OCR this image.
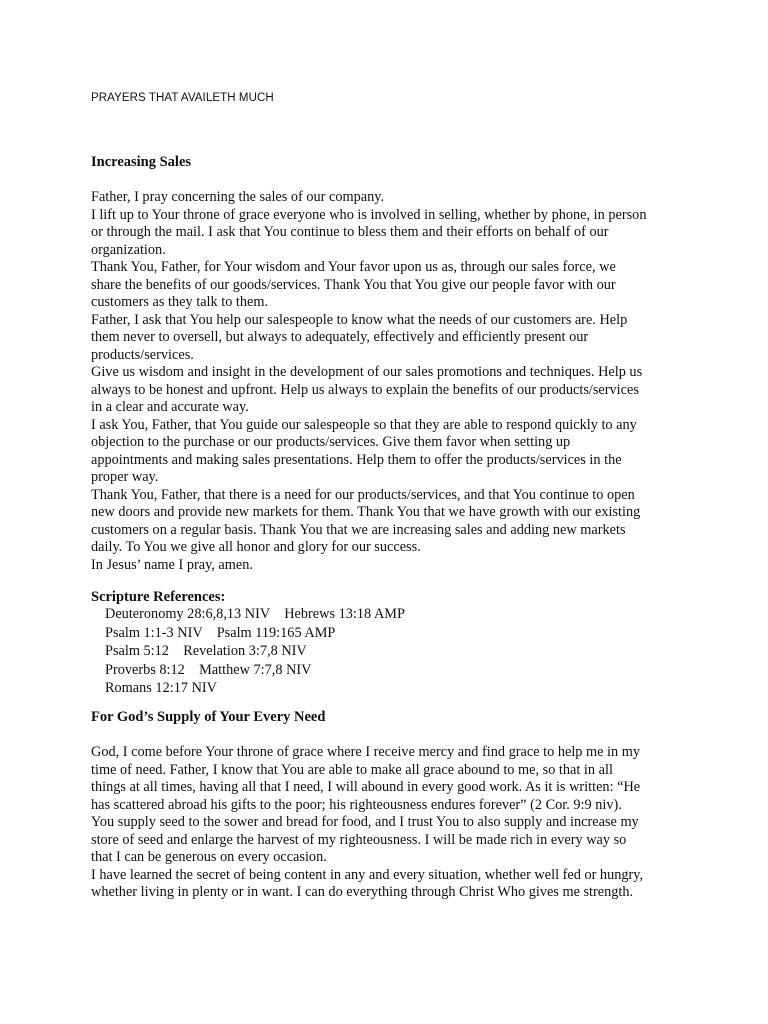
PRAYERS THAT AVAILETH MUCH
Increasing Sales
Father, I pray concerning the sales of our company.
I lift up to Your throne of grace everyone who is involved in selling, whether by phone, in person
or through the mail. I ask that You continue to bless them and their efforts on behalf of our
organization.
Thank You, Father, for Your wisdom and Your favor upon us as, through our sales force, we
share the benefits of our goods/services. Thank You that You give our people favor with our
customers as they talk to them.
Father, I ask that You help our salespeople to know what the needs of our customers are. Help
them never to oversell, but always to adequately, effectively and efficiently present our
products/services.
Give us wisdom and insight in the development of our sales promotions and techniques. Help us
always to be honest and upfront. Help us always to explain the benefits of our products/services
in a clear and accurate way.
I ask You, Father, that You guide our salespeople so that they are able to respond quickly to any
objection to the purchase or our products/services. Give them favor when setting up
appointments and making sales presentations. Help them to offer the products/services in the
proper way.
Thank You, Father, that there is a need for our products/services, and that You continue to open
new doors and provide new markets for them. Thank You that we have growth with our existing
customers on a regular basis. Thank You that we are increasing sales and adding new markets
daily. To You we give all honor and glory for our success.
In Jesus’ name I pray, amen.
Scripture References:
Deuteronomy 28:6,8,13 NIV    Hebrews 13:18 AMP
Psalm 1:1-3 NIV    Psalm 119:165 AMP
Psalm 5:12    Revelation 3:7,8 NIV
Proverbs 8:12    Matthew 7:7,8 NIV
Romans 12:17 NIV
For God’s Supply of Your Every Need
God, I come before Your throne of grace where I receive mercy and find grace to help me in my
time of need. Father, I know that You are able to make all grace abound to me, so that in all
things at all times, having all that I need, I will abound in every good work. As it is written: “He
has scattered abroad his gifts to the poor; his righteousness endures forever” (2 Cor. 9:9 niv).
You supply seed to the sower and bread for food, and I trust You to also supply and increase my
store of seed and enlarge the harvest of my righteousness. I will be made rich in every way so
that I can be generous on every occasion.
I have learned the secret of being content in any and every situation, whether well fed or hungry,
whether living in plenty or in want. I can do everything through Christ Who gives me strength.
